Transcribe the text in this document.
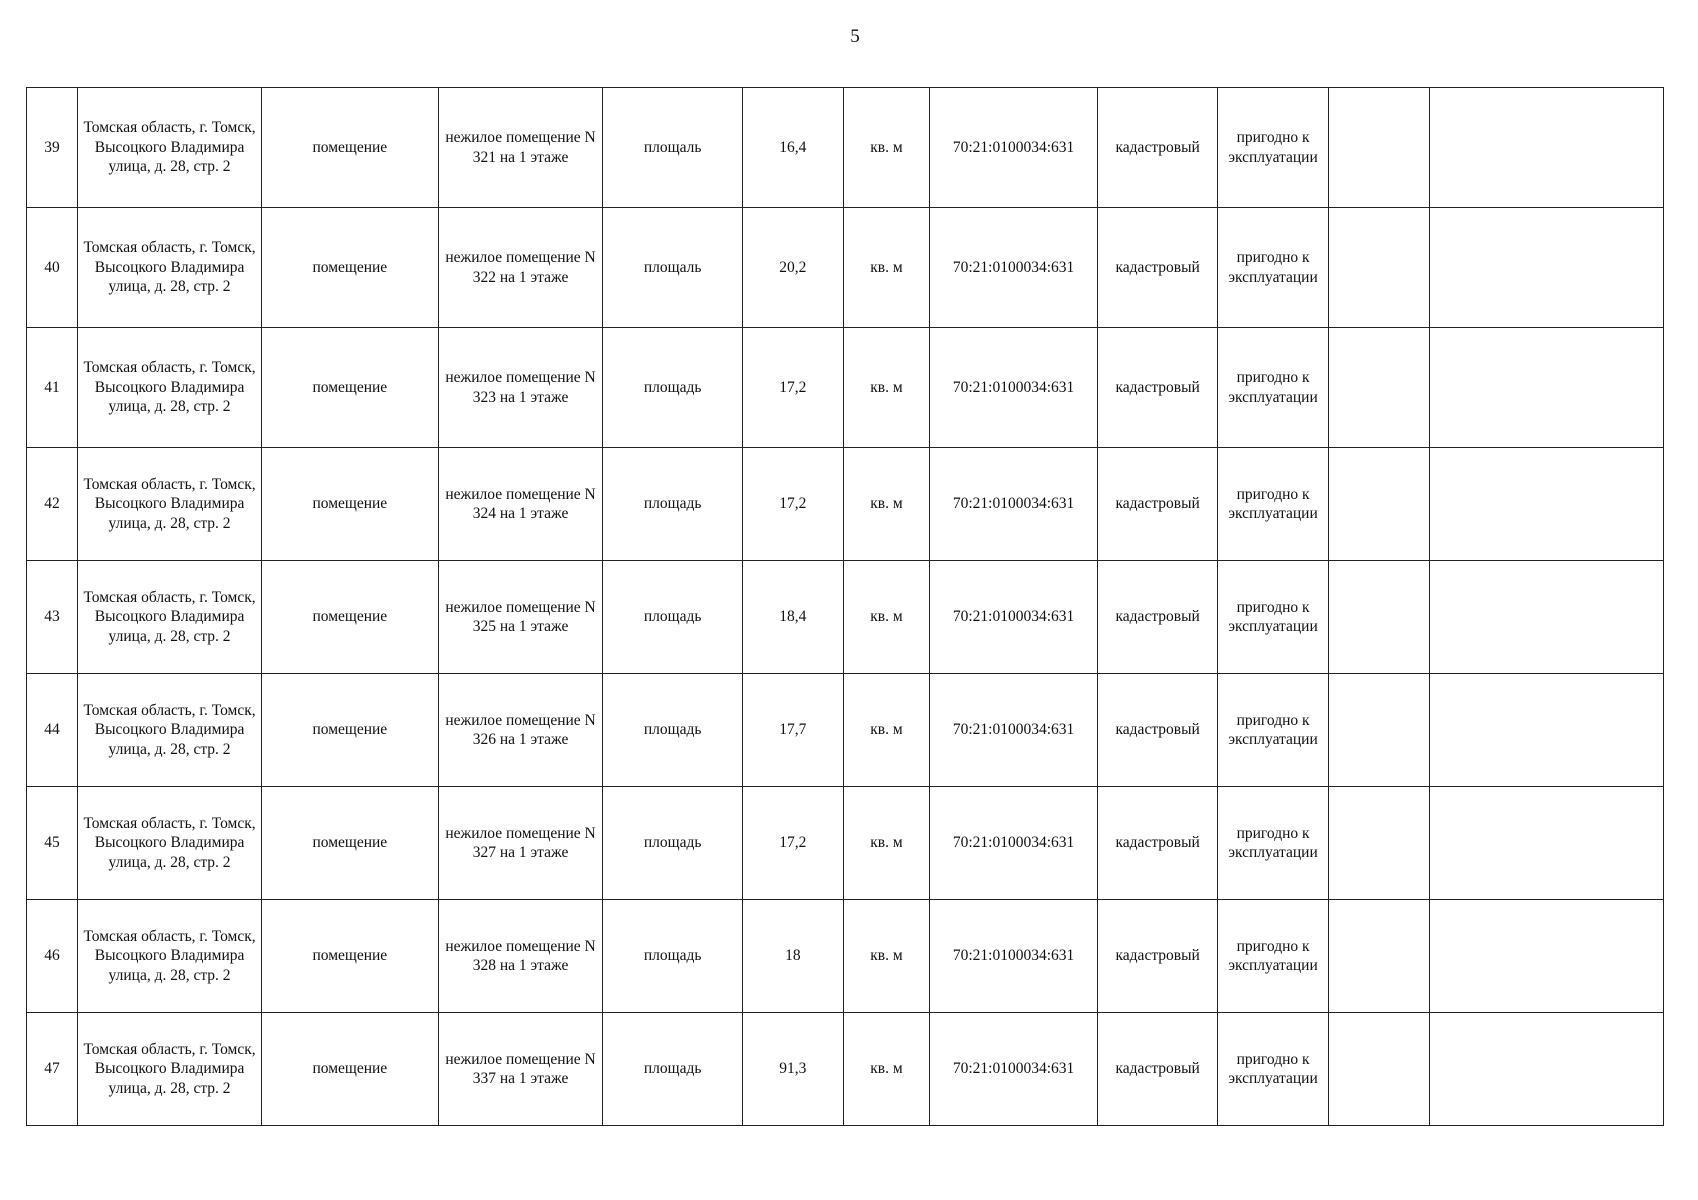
5
39	Томская область, г. Томск, Высоцкого Владимира улица, д. 28, стр. 2	помещение	нежилое помещение N 321 на 1 этаже	площаль	16,4	кв. м	70:21:0100034:631	кадастровый	пригодно к эксплуатации		
40	Томская область, г. Томск, Высоцкого Владимира улица, д. 28, стр. 2	помещение	нежилое помещение N 322 на 1 этаже	площаль	20,2	кв. м	70:21:0100034:631	кадастровый	пригодно к эксплуатации		
41	Томская область, г. Томск, Высоцкого Владимира улица, д. 28, стр. 2	помещение	нежилое помещение N 323 на 1 этаже	площадь	17,2	кв. м	70:21:0100034:631	кадастровый	пригодно к эксплуатации		
42	Томская область, г. Томск, Высоцкого Владимира улица, д. 28, стр. 2	помещение	нежилое помещение N 324 на 1 этаже	площадь	17,2	кв. м	70:21:0100034:631	кадастровый	пригодно к эксплуатации		
43	Томская область, г. Томск, Высоцкого Владимира улица, д. 28, стр. 2	помещение	нежилое помещение N 325 на 1 этаже	площадь	18,4	кв. м	70:21:0100034:631	кадастровый	пригодно к эксплуатации		
44	Томская область, г. Томск, Высоцкого Владимира улица, д. 28, стр. 2	помещение	нежилое помещение N 326 на 1 этаже	площадь	17,7	кв. м	70:21:0100034:631	кадастровый	пригодно к эксплуатации		
45	Томская область, г. Томск, Высоцкого Владимира улица, д. 28, стр. 2	помещение	нежилое помещение N 327 на 1 этаже	площадь	17,2	кв. м	70:21:0100034:631	кадастровый	пригодно к эксплуатации		
46	Томская область, г. Томск, Высоцкого Владимира улица, д. 28, стр. 2	помещение	нежилое помещение N 328 на 1 этаже	площадь	18	кв. м	70:21:0100034:631	кадастровый	пригодно к эксплуатации		
47	Томская область, г. Томск, Высоцкого Владимира улица, д. 28, стр. 2	помещение	нежилое помещение N 337 на 1 этаже	площадь	91,3	кв. м	70:21:0100034:631	кадастровый	пригодно к эксплуатации		
